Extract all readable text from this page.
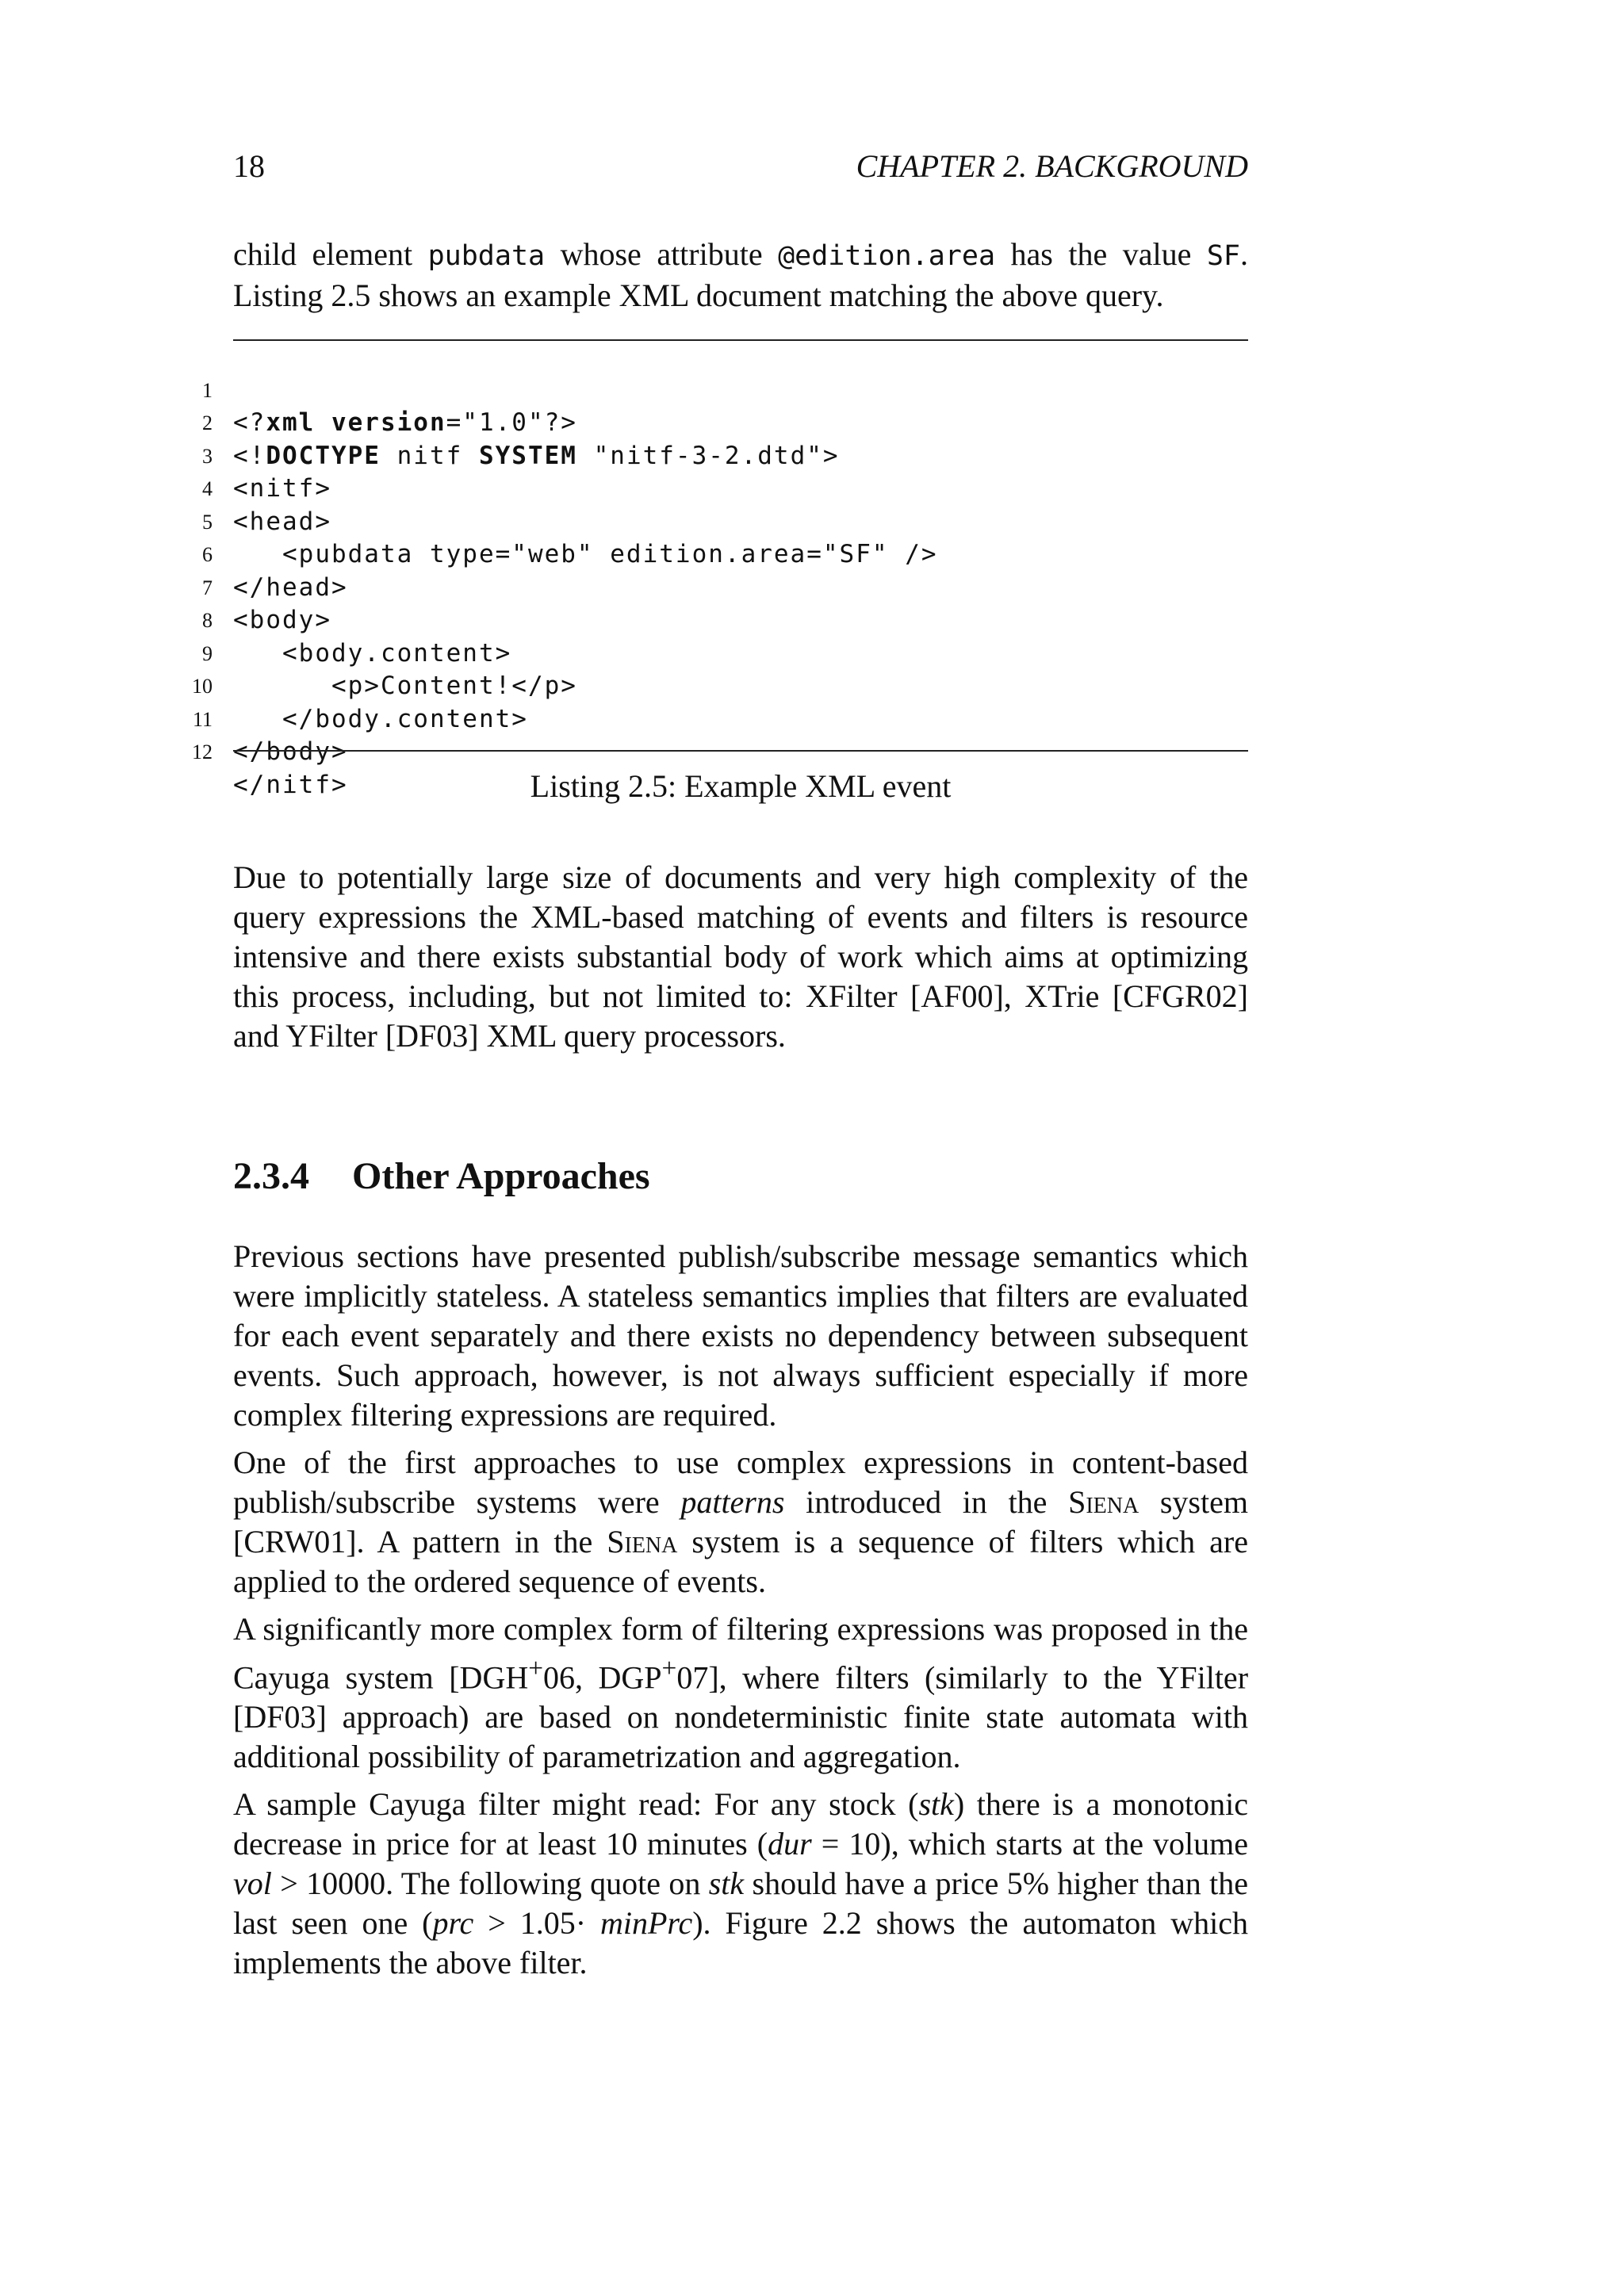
18	CHAPTER 2. BACKGROUND

child element pubdata whose attribute @edition.area has the value SF. Listing 2.5 shows an example XML document matching the above query.

1

<?xml version="1.0"?>

2

<!DOCTYPE nitf SYSTEM "nitf-3-2.dtd">

3

<nitf>

4

<head>

5

<pubdata type="web" edition.area="SF" />

6

</head>

7

<body>

8

<body.content>

9

<p>Content!</p>

10

</body.content>

11

</body>

12

</nitf>

	Listing 2.5: Example XML event

Due to potentially large size of documents and very high complexity of the query expressions the XML-based matching of events and filters is resource intensive and there exists substantial body of work which aims at optimizing this process, including, but not limited to: XFilter [AF00], XTrie [CFGR02] and YFilter [DF03] XML query processors.

2.3.4 Other Approaches

Previous sections have presented publish/subscribe message semantics which were implicitly stateless. A stateless semantics implies that filters are evaluated for each event separately and there exists no dependency between subsequent events. Such approach, however, is not always sufficient especially if more complex filtering expressions are required.

One of the first approaches to use complex expressions in content-based publish/subscribe systems were patterns introduced in the Siena system [CRW01]. A pattern in the Siena system is a sequence of filters which are applied to the ordered sequence of events.

A significantly more complex form of filtering expressions was proposed in the Cayuga system [DGH+06, DGP+07], where filters (similarly to the YFilter [DF03] approach) are based on nondeterministic finite state automata with additional possibility of parametrization and aggregation.

A sample Cayuga filter might read: For any stock (stk) there is a monotonic decrease in price for at least 10 minutes (dur = 10), which starts at the volume vol > 10000. The following quote on stk should have a price 5% higher than the last seen one (prc > 1.05· minPrc). Figure 2.2 shows the automaton which implements the above filter.
